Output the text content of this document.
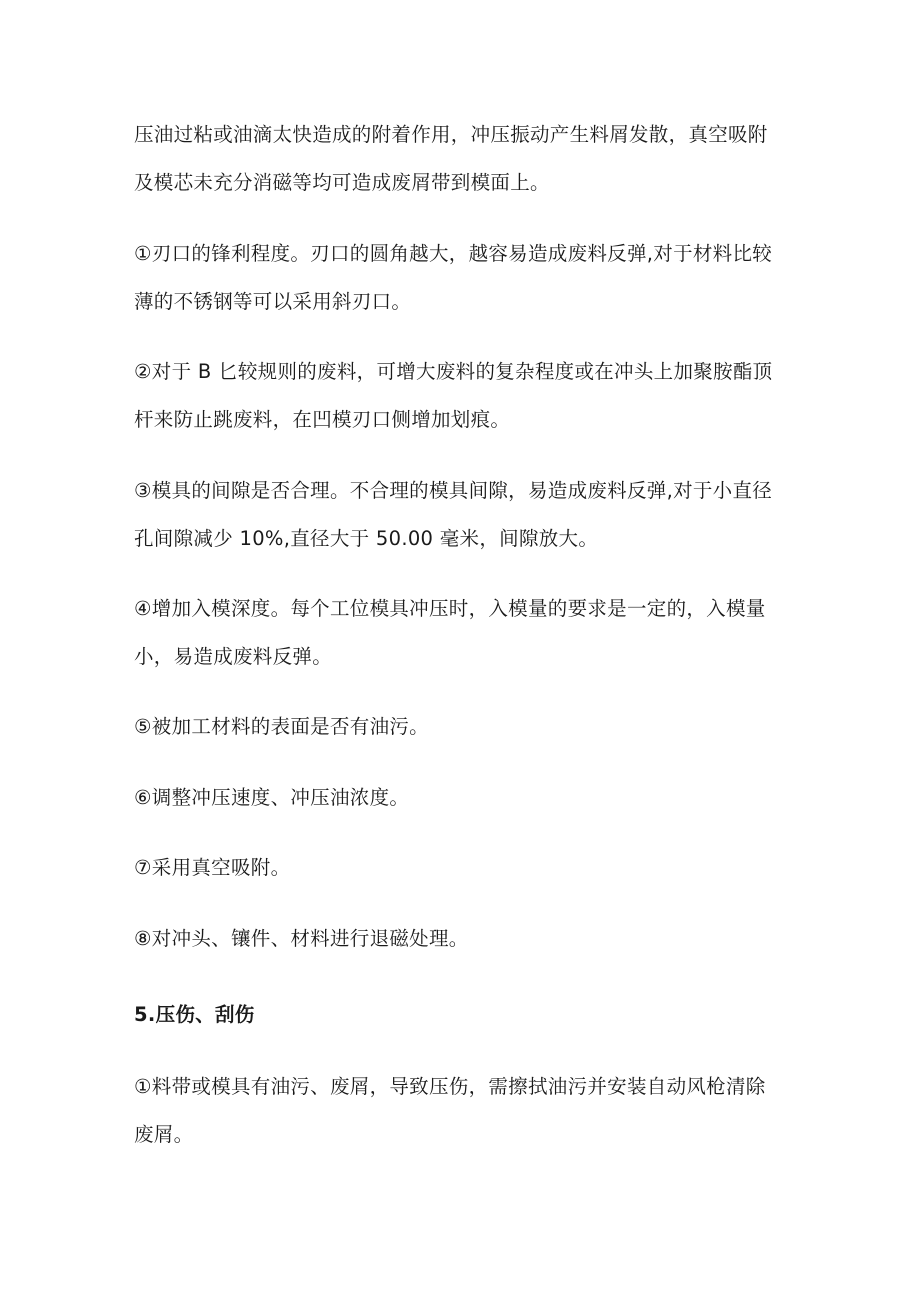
压油过粘或油滴太快造成的附着作用，冲压振动产生料屑发散，真空吸附
及模芯未充分消磁等均可造成废屑带到模面上。

①刃口的锋利程度。刃口的圆角越大，越容易造成废料反弹,对于材料比较
薄的不锈钢等可以采用斜刃口。

②对于 B 匕较规则的废料，可增大废料的复杂程度或在冲头上加聚胺酯顶
杆来防止跳废料，在凹模刃口侧增加划痕。

③模具的间隙是否合理。不合理的模具间隙，易造成废料反弹,对于小直径
孔间隙减少 10%,直径大于 50.00 毫米，间隙放大。

④增加入模深度。每个工位模具冲压时，入模量的要求是一定的，入模量
小，易造成废料反弹。

⑤被加工材料的表面是否有油污。

⑥调整冲压速度、冲压油浓度。

⑦采用真空吸附。

⑧对冲头、镶件、材料进行退磁处理。

5.压伤、刮伤

①料带或模具有油污、废屑，导致压伤，需擦拭油污并安装自动风枪清除
废屑。
